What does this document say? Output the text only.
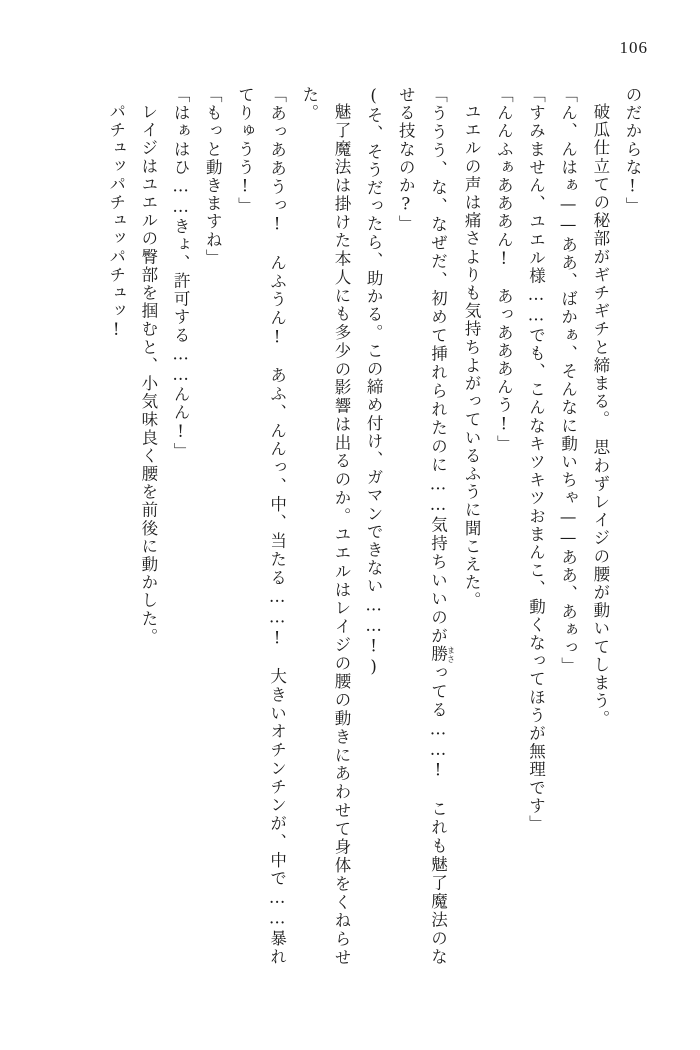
106

のだからな!」

破瓜仕立ての秘部がギチギチと締まる。　思わずレイジの腰が動いてしまう。

「ん、んはぁ——ああ、ばかぁ、そんなに動いちゃ——ああ、あぁっ」

「すみません、ユエル様……でも、こんなキツキツおまんこ、動くなってほうが無理です」

「んんふぁあああん!　あっあああんう!」

ユエルの声は痛さよりも気持ちよがっているふうに聞こえた。

「ううう、な、なぜだ、初めて挿れられたのに……気持ちいいのが勝 まさってる……!　これも魅了魔法のなせる技なのか?」

(そ、そうだったら、助かる。この締め付け、ガマンできない……!)

魅了魔法は掛けた本人にも多少の影響は出るのか。ユエルはレイジの腰の動きにあわせて身体をくねらせた。

「あっああうっ!　んふうん!　あふ、んんっ、中、当たる……!　大きいオチンチンが、中で……暴れてりゅうう!」

「もっと動きますね」

「はぁはひ……きょ、許可する……んん!」

レイジはユエルの臀部を掴むと、小気味良く腰を前後に動かした。

パチュッパチュッパチュッ!
